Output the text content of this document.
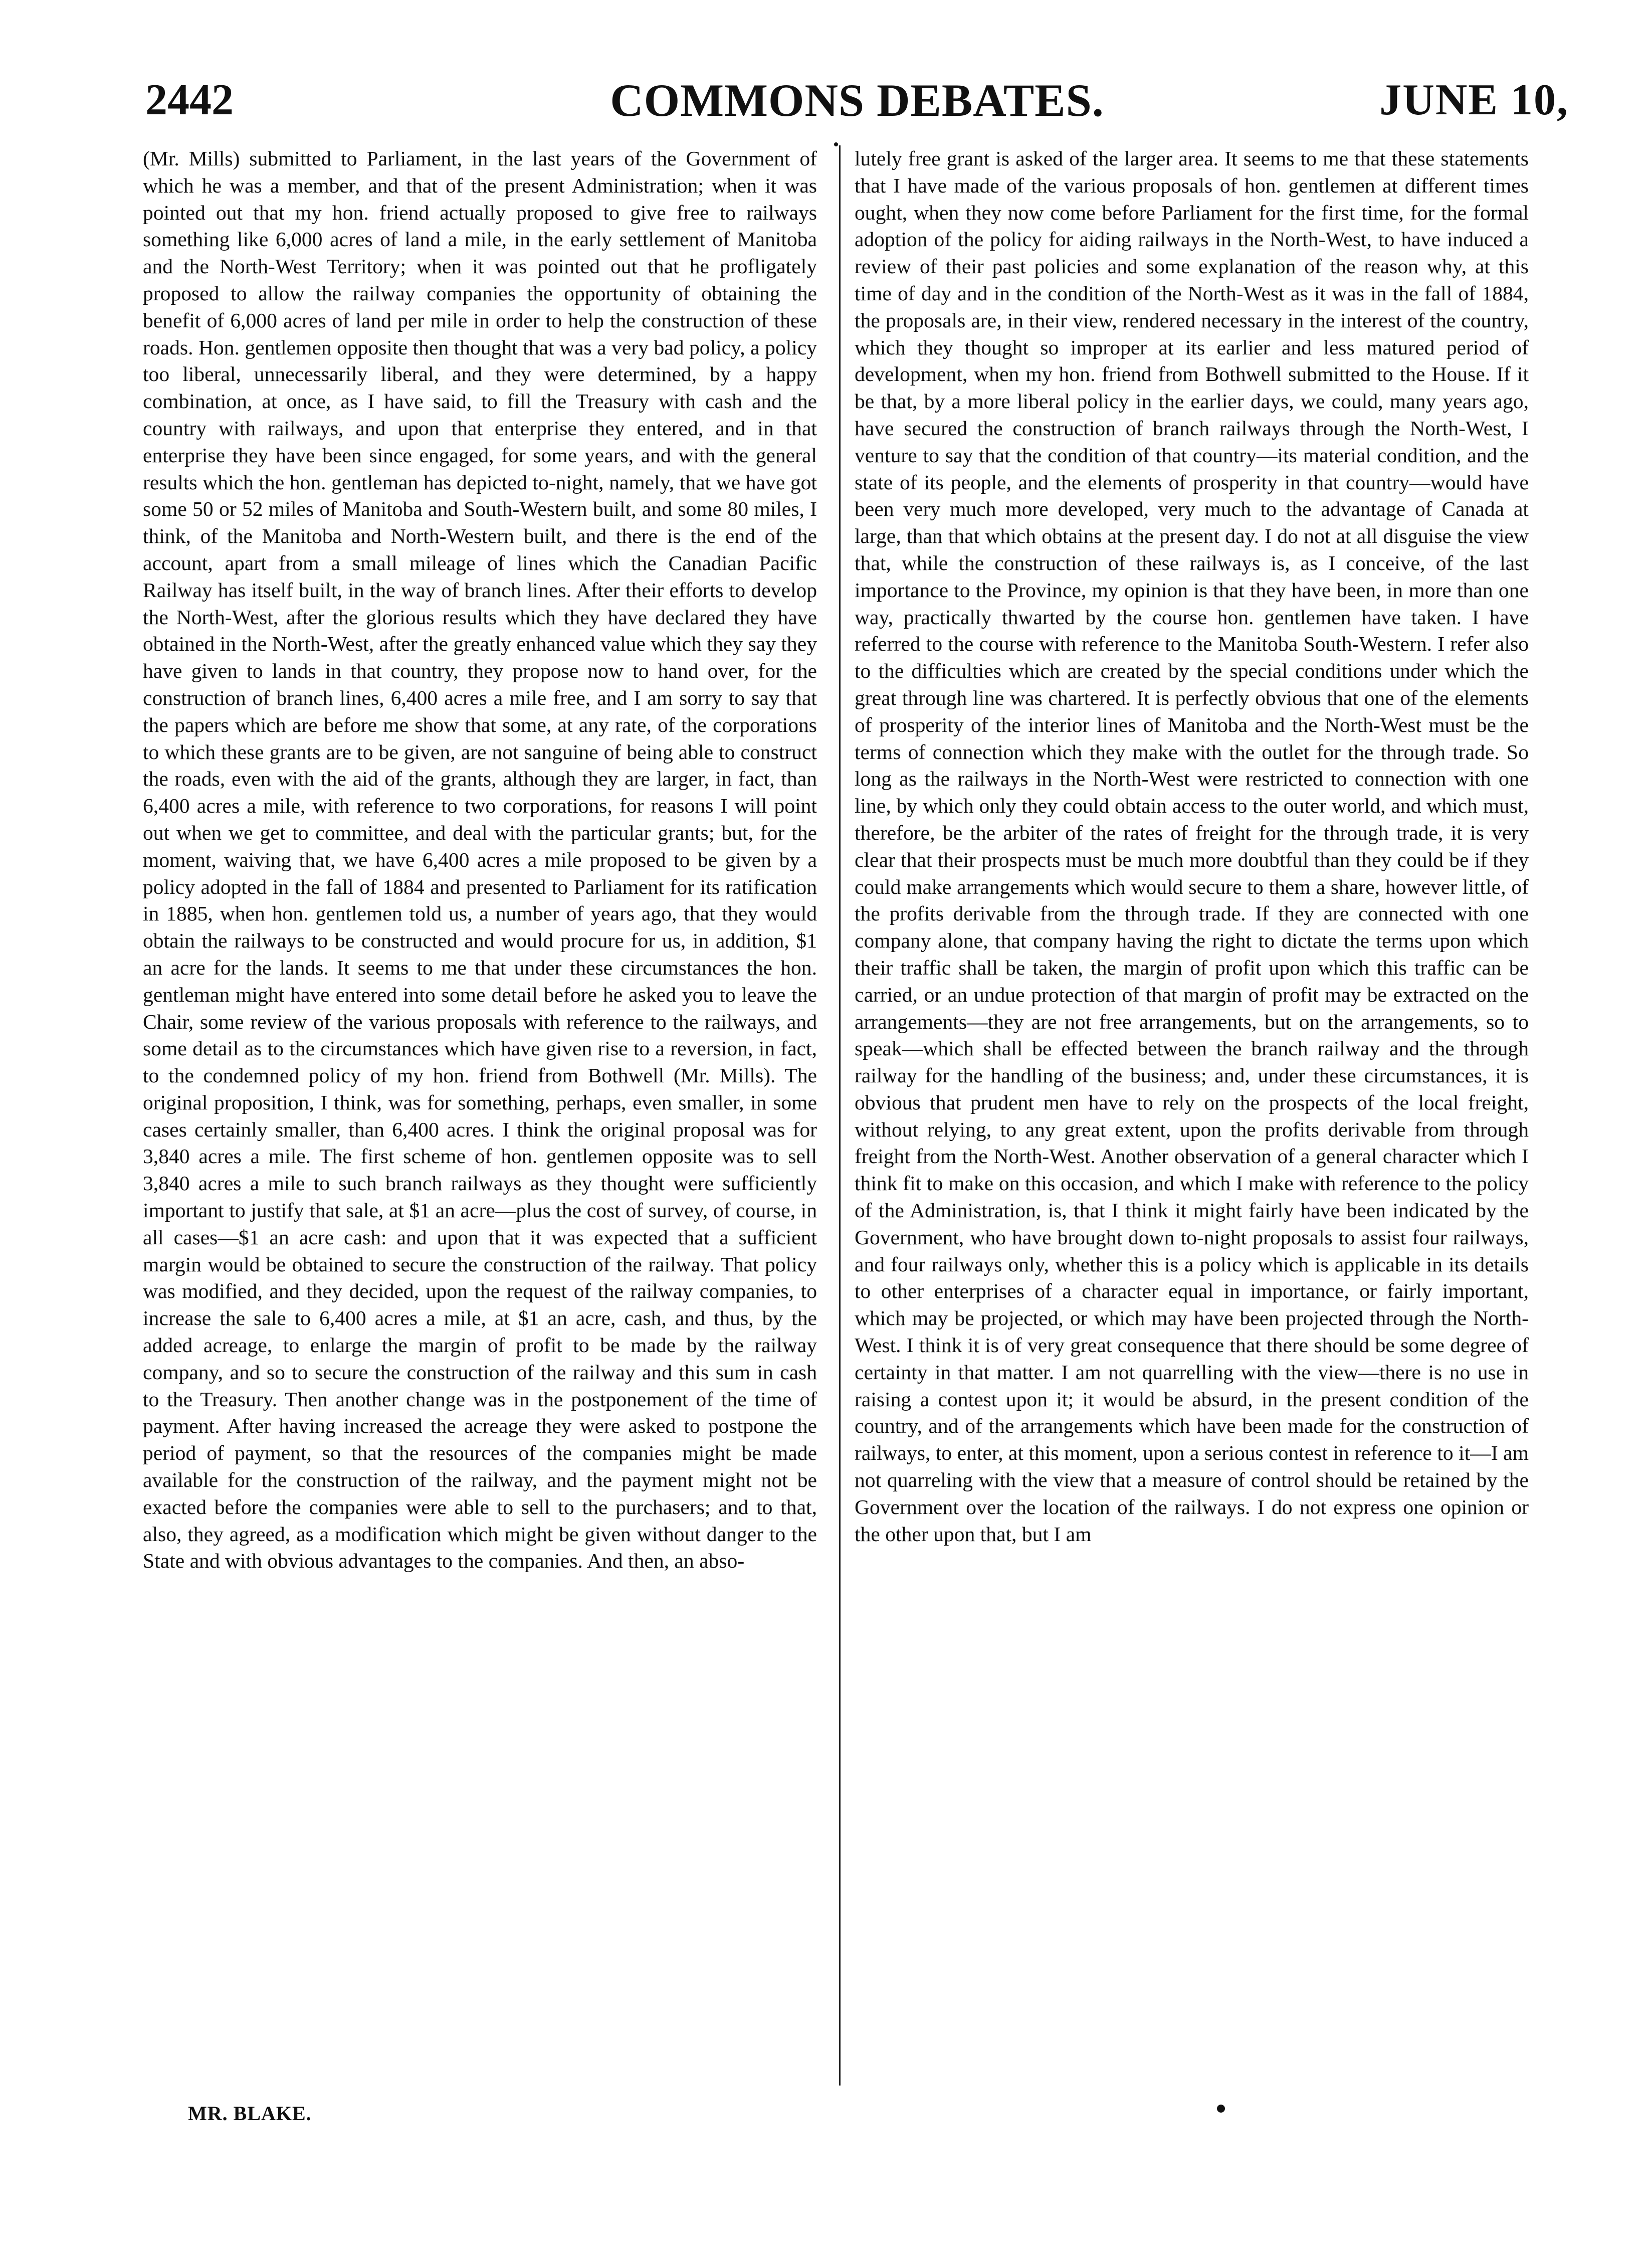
2442	COMMONS DEBATES.	JUNE 10,

(Mr. Mills) submitted to Parliament, in the last years of the Government of which he was a member, and that of the present Administration; when it was pointed out that my hon. friend actually proposed to give free to railways something like 6,000 acres of land a mile, in the early settlement of Manitoba and the North-West Territory; when it was pointed out that he profligately proposed to allow the railway companies the opportunity of obtaining the benefit of 6,000 acres of land per mile in order to help the construction of these roads. Hon. gentlemen opposite then thought that was a very bad policy, a policy too liberal, unnecessarily liberal, and they were determined, by a happy combination, at once, as I have said, to fill the Treasury with cash and the country with railways, and upon that enterprise they entered, and in that enterprise they have been since engaged, for some years, and with the general results which the hon. gentleman has depicted to-night, namely, that we have got some 50 or 52 miles of Manitoba and South-Western built, and some 80 miles, I think, of the Manitoba and North-Western built, and there is the end of the account, apart from a small mileage of lines which the Canadian Pacific Railway has itself built, in the way of branch lines. After their efforts to develop the North-West, after the glorious results which they have declared they have obtained in the North-West, after the greatly enhanced value which they say they have given to lands in that country, they propose now to hand over, for the construction of branch lines, 6,400 acres a mile free, and I am sorry to say that the papers which are before me show that some, at any rate, of the corporations to which these grants are to be given, are not sanguine of being able to construct the roads, even with the aid of the grants, although they are larger, in fact, than 6,400 acres a mile, with reference to two corporations, for reasons I will point out when we get to committee, and deal with the particular grants; but, for the moment, waiving that, we have 6,400 acres a mile proposed to be given by a policy adopted in the fall of 1884 and presented to Parliament for its ratification in 1885, when hon. gentlemen told us, a number of years ago, that they would obtain the railways to be constructed and would procure for us, in addition, $1 an acre for the lands. It seems to me that under these circumstances the hon. gentleman might have entered into some detail before he asked you to leave the Chair, some review of the various proposals with reference to the railways, and some detail as to the circumstances which have given rise to a reversion, in fact, to the condemned policy of my hon. friend from Bothwell (Mr. Mills). The original proposition, I think, was for something, perhaps, even smaller, in some cases certainly smaller, than 6,400 acres. I think the original proposal was for 3,840 acres a mile. The first scheme of hon. gentlemen opposite was to sell 3,840 acres a mile to such branch railways as they thought were sufficiently important to justify that sale, at $1 an acre—plus the cost of survey, of course, in all cases—$1 an acre cash: and upon that it was expected that a sufficient margin would be obtained to secure the construction of the railway. That policy was modified, and they decided, upon the request of the railway companies, to increase the sale to 6,400 acres a mile, at $1 an acre, cash, and thus, by the added acreage, to enlarge the margin of profit to be made by the railway company, and so to secure the construction of the railway and this sum in cash to the Treasury. Then another change was in the postponement of the time of payment. After having increased the acreage they were asked to postpone the period of payment, so that the resources of the companies might be made available for the construction of the railway, and the payment might not be exacted before the companies were able to sell to the purchasers; and to that, also, they agreed, as a modification which might be given without danger to the State and with obvious advantages to the companies. And then, an abso-

lutely free grant is asked of the larger area. It seems to me that these statements that I have made of the various proposals of hon. gentlemen at different times ought, when they now come before Parliament for the first time, for the formal adoption of the policy for aiding railways in the North-West, to have induced a review of their past policies and some explanation of the reason why, at this time of day and in the condition of the North-West as it was in the fall of 1884, the proposals are, in their view, rendered necessary in the interest of the country, which they thought so improper at its earlier and less matured period of development, when my hon. friend from Bothwell submitted to the House. If it be that, by a more liberal policy in the earlier days, we could, many years ago, have secured the construction of branch railways through the North-West, I venture to say that the condition of that country—its material condition, and the state of its people, and the elements of prosperity in that country—would have been very much more developed, very much to the advantage of Canada at large, than that which obtains at the present day. I do not at all disguise the view that, while the construction of these railways is, as I conceive, of the last importance to the Province, my opinion is that they have been, in more than one way, practically thwarted by the course hon. gentlemen have taken. I have referred to the course with reference to the Manitoba South-Western. I refer also to the difficulties which are created by the special conditions under which the great through line was chartered. It is perfectly obvious that one of the elements of prosperity of the interior lines of Manitoba and the North-West must be the terms of connection which they make with the outlet for the through trade. So long as the railways in the North-West were restricted to connection with one line, by which only they could obtain access to the outer world, and which must, therefore, be the arbiter of the rates of freight for the through trade, it is very clear that their prospects must be much more doubtful than they could be if they could make arrangements which would secure to them a share, however little, of the profits derivable from the through trade. If they are connected with one company alone, that company having the right to dictate the terms upon which their traffic shall be taken, the margin of profit upon which this traffic can be carried, or an undue protection of that margin of profit may be extracted on the arrangements—they are not free arrangements, but on the arrangements, so to speak—which shall be effected between the branch railway and the through railway for the handling of the business; and, under these circumstances, it is obvious that prudent men have to rely on the prospects of the local freight, without relying, to any great extent, upon the profits derivable from through freight from the North-West. Another observation of a general character which I think fit to make on this occasion, and which I make with reference to the policy of the Administration, is, that I think it might fairly have been indicated by the Government, who have brought down to-night proposals to assist four railways, and four railways only, whether this is a policy which is applicable in its details to other enterprises of a character equal in importance, or fairly important, which may be projected, or which may have been projected through the North-West. I think it is of very great consequence that there should be some degree of certainty in that matter. I am not quarrelling with the view—there is no use in raising a contest upon it; it would be absurd, in the present condition of the country, and of the arrangements which have been made for the construction of railways, to enter, at this moment, upon a serious contest in reference to it—I am not quarreling with the view that a measure of control should be retained by the Government over the location of the railways. I do not express one opinion or the other upon that, but I am

MR. BLAKE.
